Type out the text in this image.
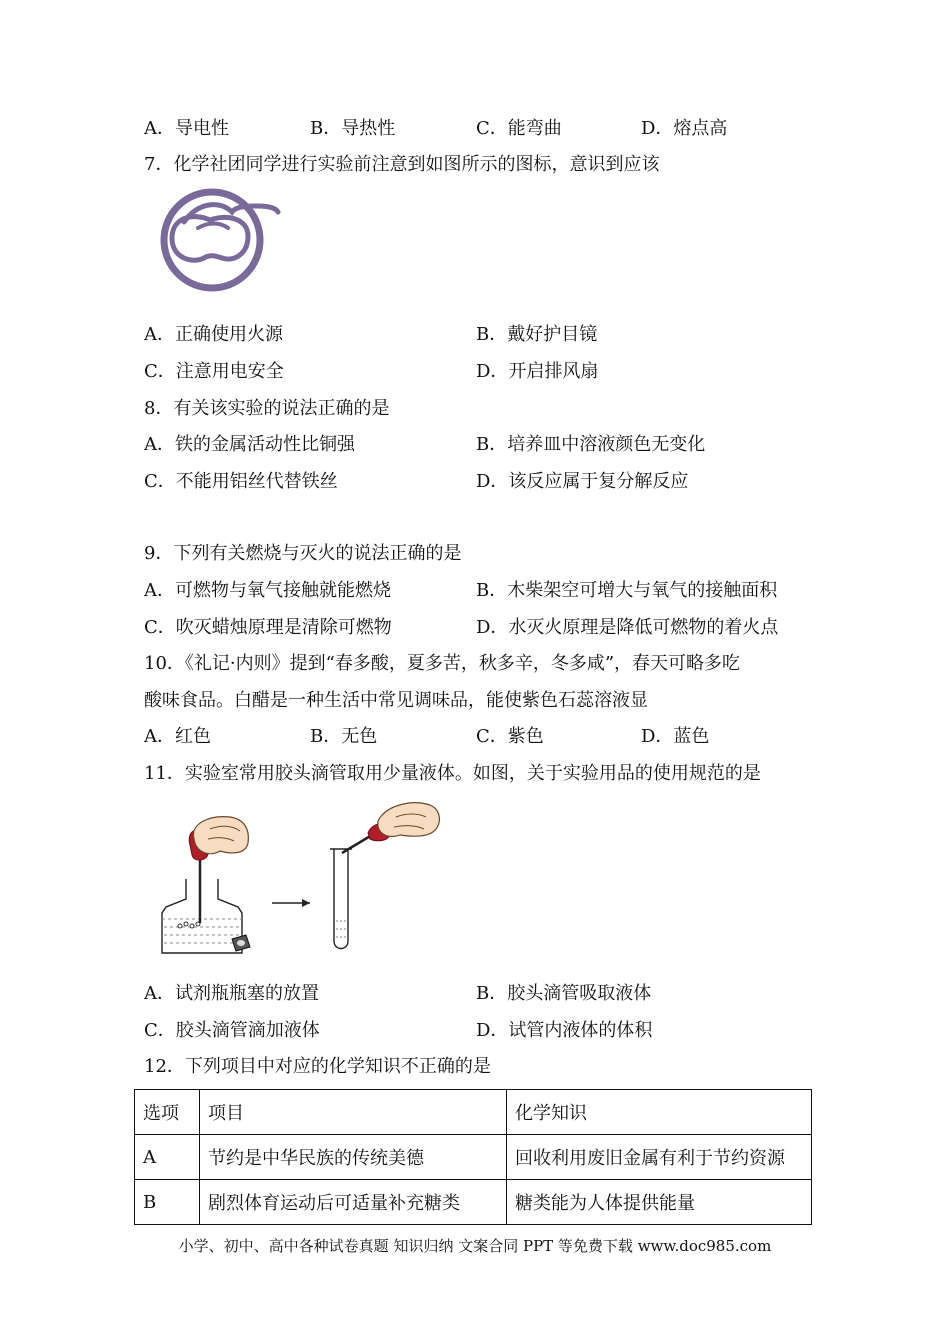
A．导电性	B．导热性	C．能弯曲	D．熔点高
7．化学社团同学进行实验前注意到如图所示的图标，意识到应该
A．正确使用火源	B．戴好护目镜
C．注意用电安全	D．开启排风扇
8．有关该实验的说法正确的是
A．铁的金属活动性比铜强	B．培养皿中溶液颜色无变化
C．不能用铝丝代替铁丝	D．该反应属于复分解反应
9．下列有关燃烧与灭火的说法正确的是
A．可燃物与氧气接触就能燃烧	B．木柴架空可增大与氧气的接触面积
C．吹灭蜡烛原理是清除可燃物	D．水灭火原理是降低可燃物的着火点
10．《礼记·内则》提到“春多酸，夏多苦，秋多辛，冬多咸”，春天可略多吃
酸味食品。白醋是一种生活中常见调味品，能使紫色石蕊溶液显
A．红色	B．无色	C．紫色	D．蓝色
11．实验室常用胶头滴管取用少量液体。如图，关于实验用品的使用规范的是
A．试剂瓶瓶塞的放置	B．胶头滴管吸取液体
C．胶头滴管滴加液体	D．试管内液体的体积
12．下列项目中对应的化学知识不正确的是
选项	项目	化学知识
A	节约是中华民族的传统美德	回收利用废旧金属有利于节约资源
B	剧烈体育运动后可适量补充糖类	糖类能为人体提供能量
小学、初中、高中各种试卷真题 知识归纳 文案合同 PPT 等免费下载 www.doc985.com
